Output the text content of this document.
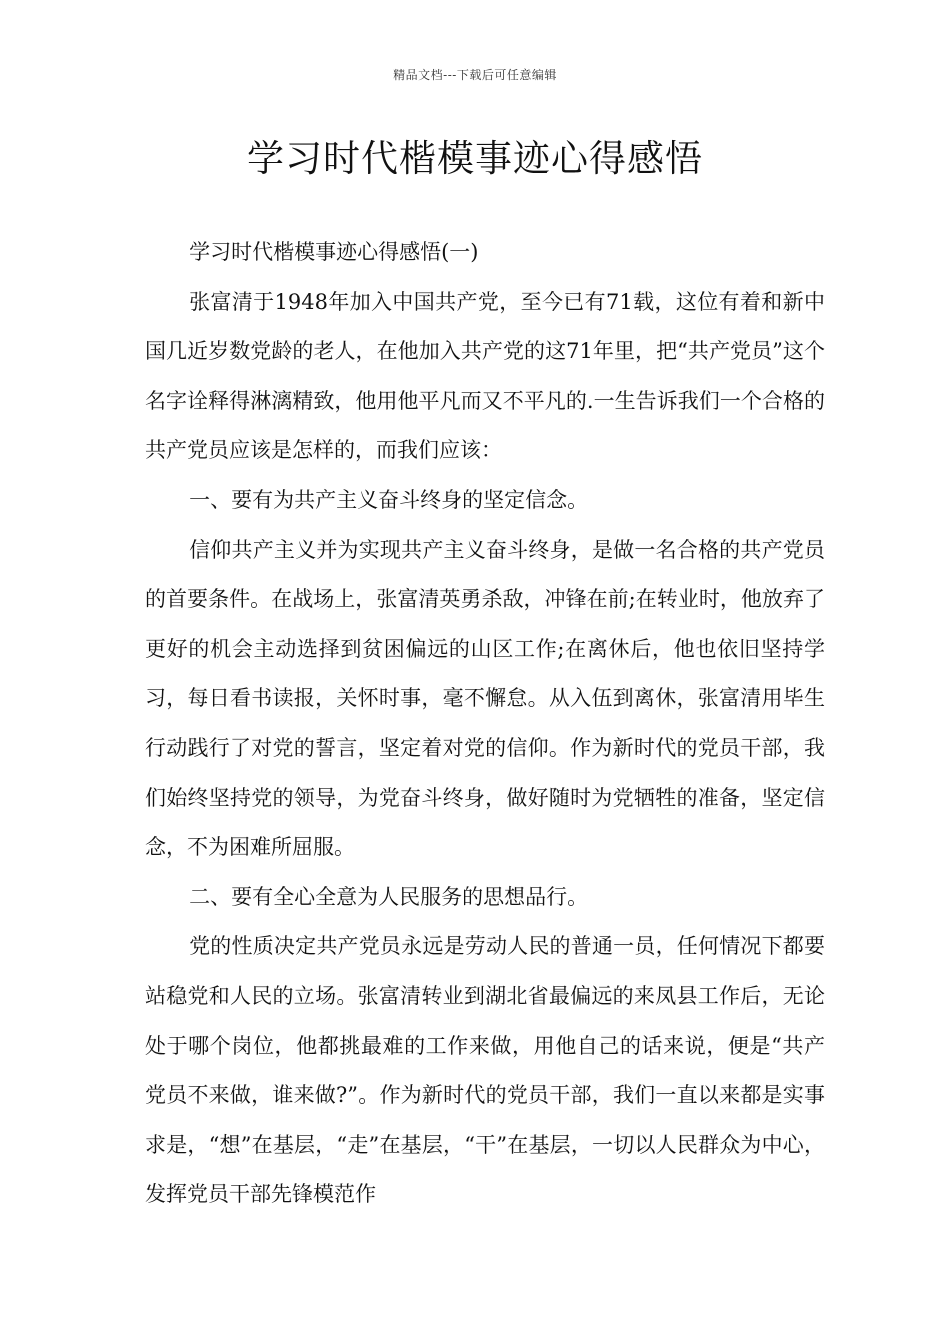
精品文档---下载后可任意编辑
学习时代楷模事迹心得感悟

学习时代楷模事迹心得感悟(一)

张富清于1948年加入中国共产党，至今已有71载，这位有着和新中国几近岁数党龄的老人，在他加入共产党的这71年里，把“共产党员”这个名字诠释得淋漓精致，他用他平凡而又不平凡的.一生告诉我们一个合格的共产党员应该是怎样的，而我们应该：

一、要有为共产主义奋斗终身的坚定信念。

信仰共产主义并为实现共产主义奋斗终身，是做一名合格的共产党员的首要条件。在战场上，张富清英勇杀敌，冲锋在前;在转业时，他放弃了更好的机会主动选择到贫困偏远的山区工作;在离休后，他也依旧坚持学习，每日看书读报，关怀时事，毫不懈怠。从入伍到离休，张富清用毕生行动践行了对党的誓言，坚定着对党的信仰。作为新时代的党员干部，我们始终坚持党的领导，为党奋斗终身，做好随时为党牺牲的准备，坚定信念，不为困难所屈服。

二、要有全心全意为人民服务的思想品行。

党的性质决定共产党员永远是劳动人民的普通一员，任何情况下都要站稳党和人民的立场。张富清转业到湖北省最偏远的来凤县工作后，无论处于哪个岗位，他都挑最难的工作来做，用他自己的话来说，便是“共产党员不来做，谁来做?”。作为新时代的党员干部，我们一直以来都是实事求是，“想”在基层，“走”在基层，“干”在基层，一切以人民群众为中心，发挥党员干部先锋模范作
